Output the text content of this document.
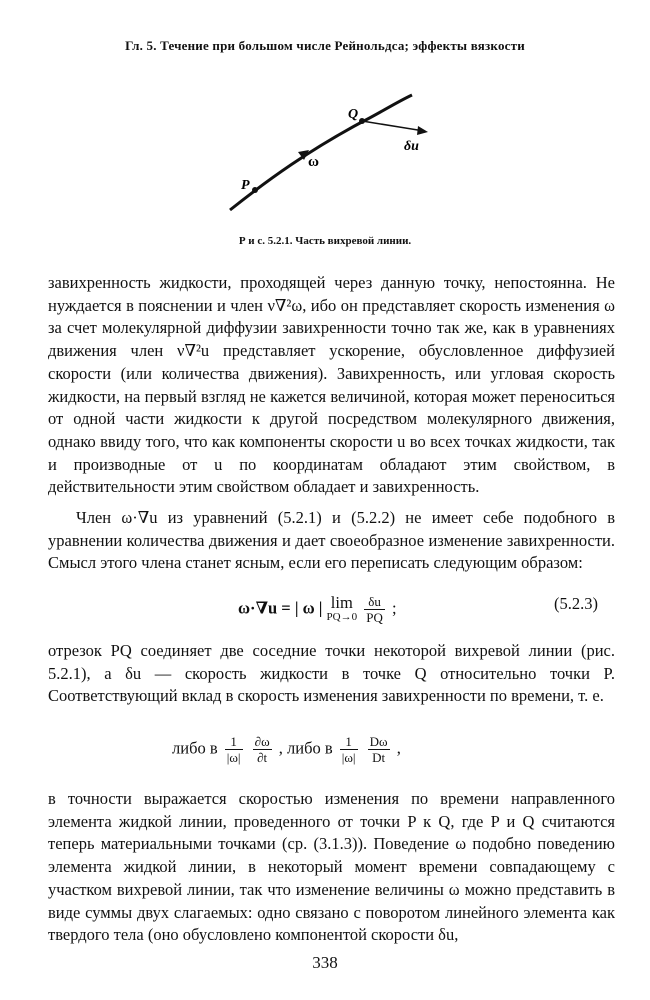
Гл. 5. Течение при большом числе Рейнольдса; эффекты вязкости
Q
P
ω
δu
Р и с. 5.2.1. Часть вихревой линии.

завихренность жидкости, проходящей через данную точку, непостоянна. Не нуждается в пояснении и член ν∇²ω, ибо он представляет скорость изменения ω за счет молекулярной диффузии завихренности точно так же, как в уравнениях движения член ν∇²u представляет ускорение, обусловленное диффузией скорости (или количества движения). Завихренность, или угловая скорость жидкости, на первый взгляд не кажется величиной, которая может переноситься от одной части жидкости к другой посредством молекулярного движения, однако ввиду того, что как компоненты скорости u во всех точках жидкости, так и производные от u по координатам обладают этим свойством, в действительности этим свойством обладает и завихренность.

Член ω·∇u из уравнений (5.2.1) и (5.2.2) не имеет себе подобного в уравнении количества движения и дает своеобразное изменение завихренности. Смысл этого члена станет ясным, если его переписать следующим образом:

ω·∇u = | ω | lim
PQ→0
$\frac{\delta u}{PQ}$ ;	(5.2.3)

отрезок PQ соединяет две соседние точки некоторой вихревой линии (рис. 5.2.1), а δu — скорость жидкости в точке Q относительно точки P. Соответствующий вклад в скорость изменения завихренности по времени, т. е.

либо в $\frac{1}{|\omega|}$
$\frac{\partial\omega}{\partial t}$ , либо в $\frac{1}{|\omega|}$
$\frac{D\omega}{Dt}$ ,

в точности выражается скоростью изменения по времени направленного элемента жидкой линии, проведенного от точки P к Q, где P и Q считаются теперь материальными точками (ср. (3.1.3)). Поведение ω подобно поведению элемента жидкой линии, в некоторый момент времени совпадающему с участком вихревой линии, так что изменение величины ω можно представить в виде суммы двух слагаемых: одно связано с поворотом линейного элемента как твердого тела (оно обусловлено компонентой скорости δu,

338
